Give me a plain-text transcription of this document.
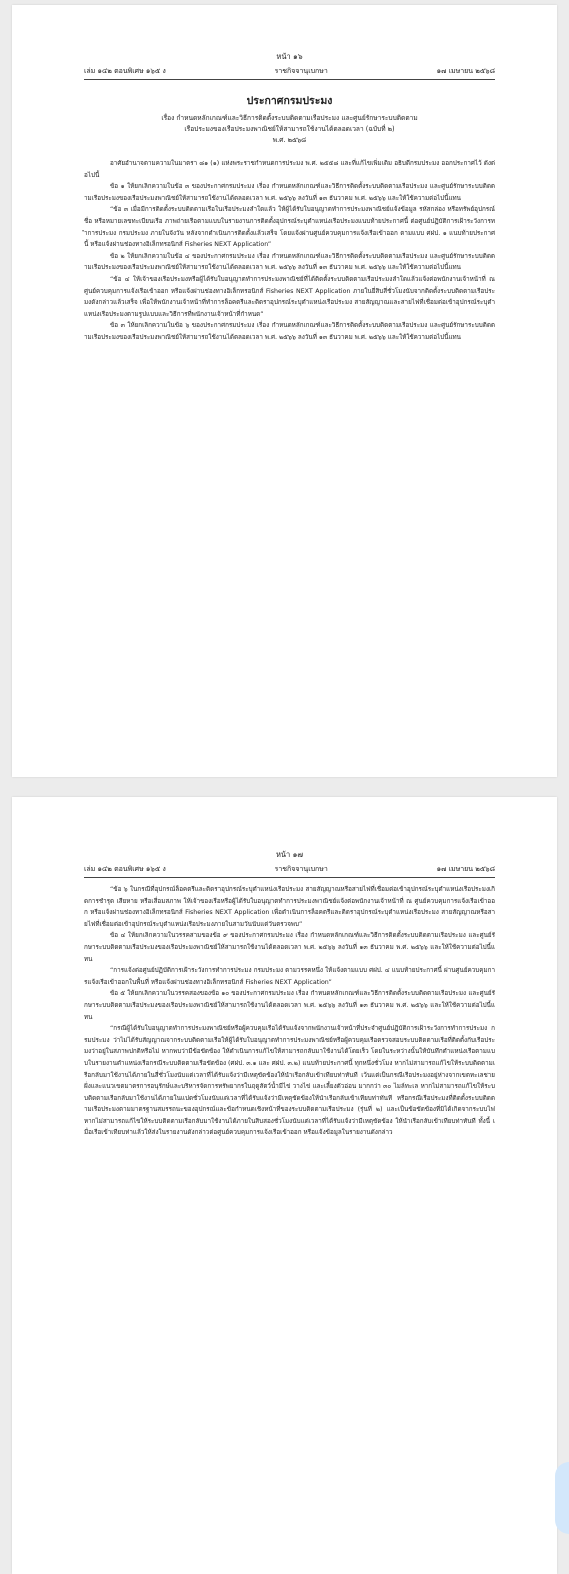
หน้า ๑๖
เล่ม ๑๔๒ ตอนพิเศษ ๑๖๕ ง	ราชกิจจานุเบกษา	๑๗ เมษายน ๒๕๖๘
ประกาศกรมประมง
เรื่อง กำหนดหลักเกณฑ์และวิธีการติดตั้งระบบติดตามเรือประมง และศูนย์รักษาระบบติดตาม
เรือประมงของเรือประมงพาณิชย์ให้สามารถใช้งานได้ตลอดเวลา (ฉบับที่ ๒)
พ.ศ. ๒๕๖๘

อาศัยอำนาจตามความในมาตรา ๘๑ (๑) แห่งพระราชกำหนดการประมง พ.ศ. ๒๕๕๘ และที่แก้ไขเพิ่มเติม อธิบดีกรมประมง ออกประกาศไว้ ดังต่อไปนี้

ข้อ ๑ ให้ยกเลิกความในข้อ ๓ ของประกาศกรมประมง เรื่อง กำหนดหลักเกณฑ์และวิธีการติดตั้งระบบติดตามเรือประมง และศูนย์รักษาระบบติดตามเรือประมงของเรือประมงพาณิชย์ให้สามารถใช้งานได้ตลอดเวลา พ.ศ. ๒๕๖๖ ลงวันที่ ๑๓ ธันวาคม พ.ศ. ๒๕๖๖ และให้ใช้ความต่อไปนี้แทน

“ข้อ ๓ เมื่อมีการติดตั้งระบบติดตามเรือในเรือประมงลำใดแล้ว ให้ผู้ได้รับใบอนุญาตทำการประมงพาณิชย์แจ้งข้อมูล รหัสกล่อง หรือทรัพย์อุปกรณ์ ชื่อ หรือหมายเลขทะเบียนเรือ ภาพถ่ายเรือตามแบบในรายงานการติดตั้งอุปกรณ์ระบุตำแหน่งเรือประมงแนบท้ายประกาศนี้ ต่อศูนย์ปฏิบัติการเฝ้าระวังการทำการประมง กรมประมง ภายในจังวัน หลังจากดำเนินการติดตั้งแล้วเสร็จ โดยแจ้งผ่านศูนย์ควบคุมการแจ้งเรือเข้าออก ตามแบบ ศฝป. ๑ แนบท้ายประกาศนี้ หรือแจ้งผ่านช่องทางอิเล็กทรอนิกส์ Fisheries NEXT Application”

ข้อ ๒ ให้ยกเลิกความในข้อ ๔ ของประกาศกรมประมง เรื่อง กำหนดหลักเกณฑ์และวิธีการติดตั้งระบบติดตามเรือประมง และศูนย์รักษาระบบติดตามเรือประมงของเรือประมงพาณิชย์ให้สามารถใช้งานได้ตลอดเวลา พ.ศ. ๒๕๖๖ ลงวันที่ ๑๓ ธันวาคม พ.ศ. ๒๕๖๖ และให้ใช้ความต่อไปนี้แทน

“ข้อ ๔ ให้เจ้าของเรือประมงหรือผู้ได้รับใบอนุญาตทำการประมงพาณิชย์ที่ได้ติดตั้งระบบติดตามเรือประมงลำใดแล้วแจ้งต่อพนักงานเจ้าหน้าที่ ณ ศูนย์ควบคุมการแจ้งเรือเข้าออก หรือแจ้งผ่านช่องทางอิเล็กทรอนิกส์ Fisheries NEXT Application ภายในยี่สิบสี่ชั่วโมงนับจากติดตั้งระบบติดตามเรือประมงดังกล่าวแล้วเสร็จ เพื่อให้พนักงานเจ้าหน้าที่ทำการล็อคตรีและติดราอุปกรณ์ระบุตำแหน่งเรือประมง สายสัญญาณและสายไฟที่เชื่อมต่อเข้าอุปกรณ์ระบุตำแหน่งเรือประมงตามรูปแบบและวิธีการที่พนักงานเจ้าหน้าที่กำหนด”

ข้อ ๓ ให้ยกเลิกความในข้อ ๖ ของประกาศกรมประมง เรื่อง กำหนดหลักเกณฑ์และวิธีการติดตั้งระบบติดตามเรือประมง และศูนย์รักษาระบบติดตามเรือประมงของเรือประมงพาณิชย์ให้สามารถใช้งานได้ตลอดเวลา พ.ศ. ๒๕๖๖ ลงวันที่ ๑๓ ธันวาคม พ.ศ. ๒๕๖๖ และให้ใช้ความต่อไปนี้แทน

หน้า ๑๗
เล่ม ๑๔๒ ตอนพิเศษ ๑๖๕ ง	ราชกิจจานุเบกษา	๑๗ เมษายน ๒๕๖๘

“ข้อ ๖ ในกรณีที่อุปกรณ์ล็อคตรีและติดราอุปกรณ์ระบุตำแหน่งเรือประมง สายสัญญาณหรือสายไฟที่เชื่อมต่อเข้าอุปกรณ์ระบุตำแหน่งเรือประมงเกิดการชำรุด เสียหาย หรือเสื่อมสภาพ ให้เจ้าของเรือหรือผู้ได้รับใบอนุญาตทำการประมงพาณิชย์แจ้งต่อพนักงานเจ้าหน้าที่ ณ ศูนย์ควบคุมการแจ้งเรือเข้าออก หรือแจ้งผ่านช่องทางอิเล็กทรอนิกส์ Fisheries NEXT Application เพื่อดำเนินการล็อคตรีและติดราอุปกรณ์ระบุตำแหน่งเรือประมง สายสัญญาณหรือสายไฟที่เชื่อมต่อเข้าอุปกรณ์ระบุตำแหน่งเรือประมงภายในสามวันนับแต่วันตรวจพบ”

ข้อ ๔ ให้ยกเลิกความในวรรคสามของข้อ ๙ ของประกาศกรมประมง เรื่อง กำหนดหลักเกณฑ์และวิธีการติดตั้งระบบติดตามเรือประมง และศูนย์รักษาระบบติดตามเรือประมงของเรือประมงพาณิชย์ให้สามารถใช้งานได้ตลอดเวลา พ.ศ. ๒๕๖๖ ลงวันที่ ๑๓ ธันวาคม พ.ศ. ๒๕๖๖ และให้ใช้ความต่อไปนี้แทน

“การแจ้งต่อศูนย์ปฏิบัติการเฝ้าระวังการทำการประมง กรมประมง ตามวรรคหนึ่ง ให้แจ้งตามแบบ ศฝป. ๔ แนบท้ายประกาศนี้ ผ่านศูนย์ควบคุมการแจ้งเรือเข้าออกในพื้นที่ หรือแจ้งผ่านช่องทางอิเล็กทรอนิกส์ Fisheries NEXT Application”

ข้อ ๕ ให้ยกเลิกความในวรรคสองของข้อ ๑๐ ของประกาศกรมประมง เรื่อง กำหนดหลักเกณฑ์และวิธีการติดตั้งระบบติดตามเรือประมง และศูนย์รักษาระบบติดตามเรือประมงของเรือประมงพาณิชย์ให้สามารถใช้งานได้ตลอดเวลา พ.ศ. ๒๕๖๖ ลงวันที่ ๑๓ ธันวาคม พ.ศ. ๒๕๖๖ และให้ใช้ความต่อไปนี้แทน

“กรณีผู้ได้รับใบอนุญาตทำการประมงพาณิชย์หรือผู้ควบคุมเรือได้รับแจ้งจากพนักงานเจ้าหน้าที่ประจำศูนย์ปฏิบัติการเฝ้าระวังการทำการประมง กรมประมง ว่าไม่ได้รับสัญญาณจากระบบติดตามเรือให้ผู้ได้รับใบอนุญาตทำการประมงพาณิชย์หรือผู้ควบคุมเรือตรวจสอบระบบติดตามเรือที่ติดตั้งกับเรือประมงว่าอยู่ในสภาพปกติหรือไม่ หากพบว่ามีข้อขัดข้อง ให้ดำเนินการแก้ไขให้สามารถกลับมาใช้งานได้โดยเร็ว โดยในระหว่างนั้นให้บันทึกตำแหน่งเรือตามแบบในรายงานตำแหน่งเรือกรณีระบบติดตามเรือขัดข้อง (ศฝป. ๓.๑ และ ศฝป. ๓.๒) แนบท้ายประกาศนี้ ทุกหนึ่งชั่วโมง หากไม่สามารถแก้ไขให้ระบบติดตามเรือกลับมาใช้งานได้ภายในสี่ชั่วโมงนับแต่เวลาที่ได้รับแจ้งว่ามีเหตุขัดข้องให้นำเรือกลับเข้าเทียบท่าทันที เว้นแต่เป็นกรณีเรือประมงอยู่ห่างจากเขตทะเลชายฝั่งและแนวเขตมาตรการอนุรักษ์และบริหารจัดการทรัพยากรในฤดูสัตว์น้ำมีไข่ วางไข่ และเลี้ยงตัวอ่อน มากกว่า ๓๐ ไมล์ทะเล หากไม่สามารถแก้ไขให้ระบบติดตามเรือกลับมาใช้งานได้ภายในแปดชั่วโมงนับแต่เวลาที่ได้รับแจ้งว่ามีเหตุขัดข้องให้นำเรือกลับเข้าเทียบท่าทันที หรือกรณีเรือประมงที่ติดตั้งระบบติดตามเรือประมงตามมาตรฐานสมรรถนะของอุปกรณ์และข้อกำหนดเชิงหน้าที่ของระบบติดตามเรือประมง (รุ่นที่ ๒) และเป็นข้อขัดข้องที่มิได้เกิดจากระบบไฟ หากไม่สามารถแก้ไขให้ระบบติดตามเรือกลับมาใช้งานได้ภายในสิบสองชั่วโมงนับแต่เวลาที่ได้รับแจ้งว่ามีเหตุขัดข้อง ให้นำเรือกลับเข้าเทียบท่าทันที ทั้งนี้ เมื่อเรือเข้าเทียบท่าแล้วให้ส่งในรายงานดังกล่าวต่อศูนย์ควบคุมการแจ้งเรือเข้าออก หรือแจ้งข้อมูลในรายงานดังกล่าว
